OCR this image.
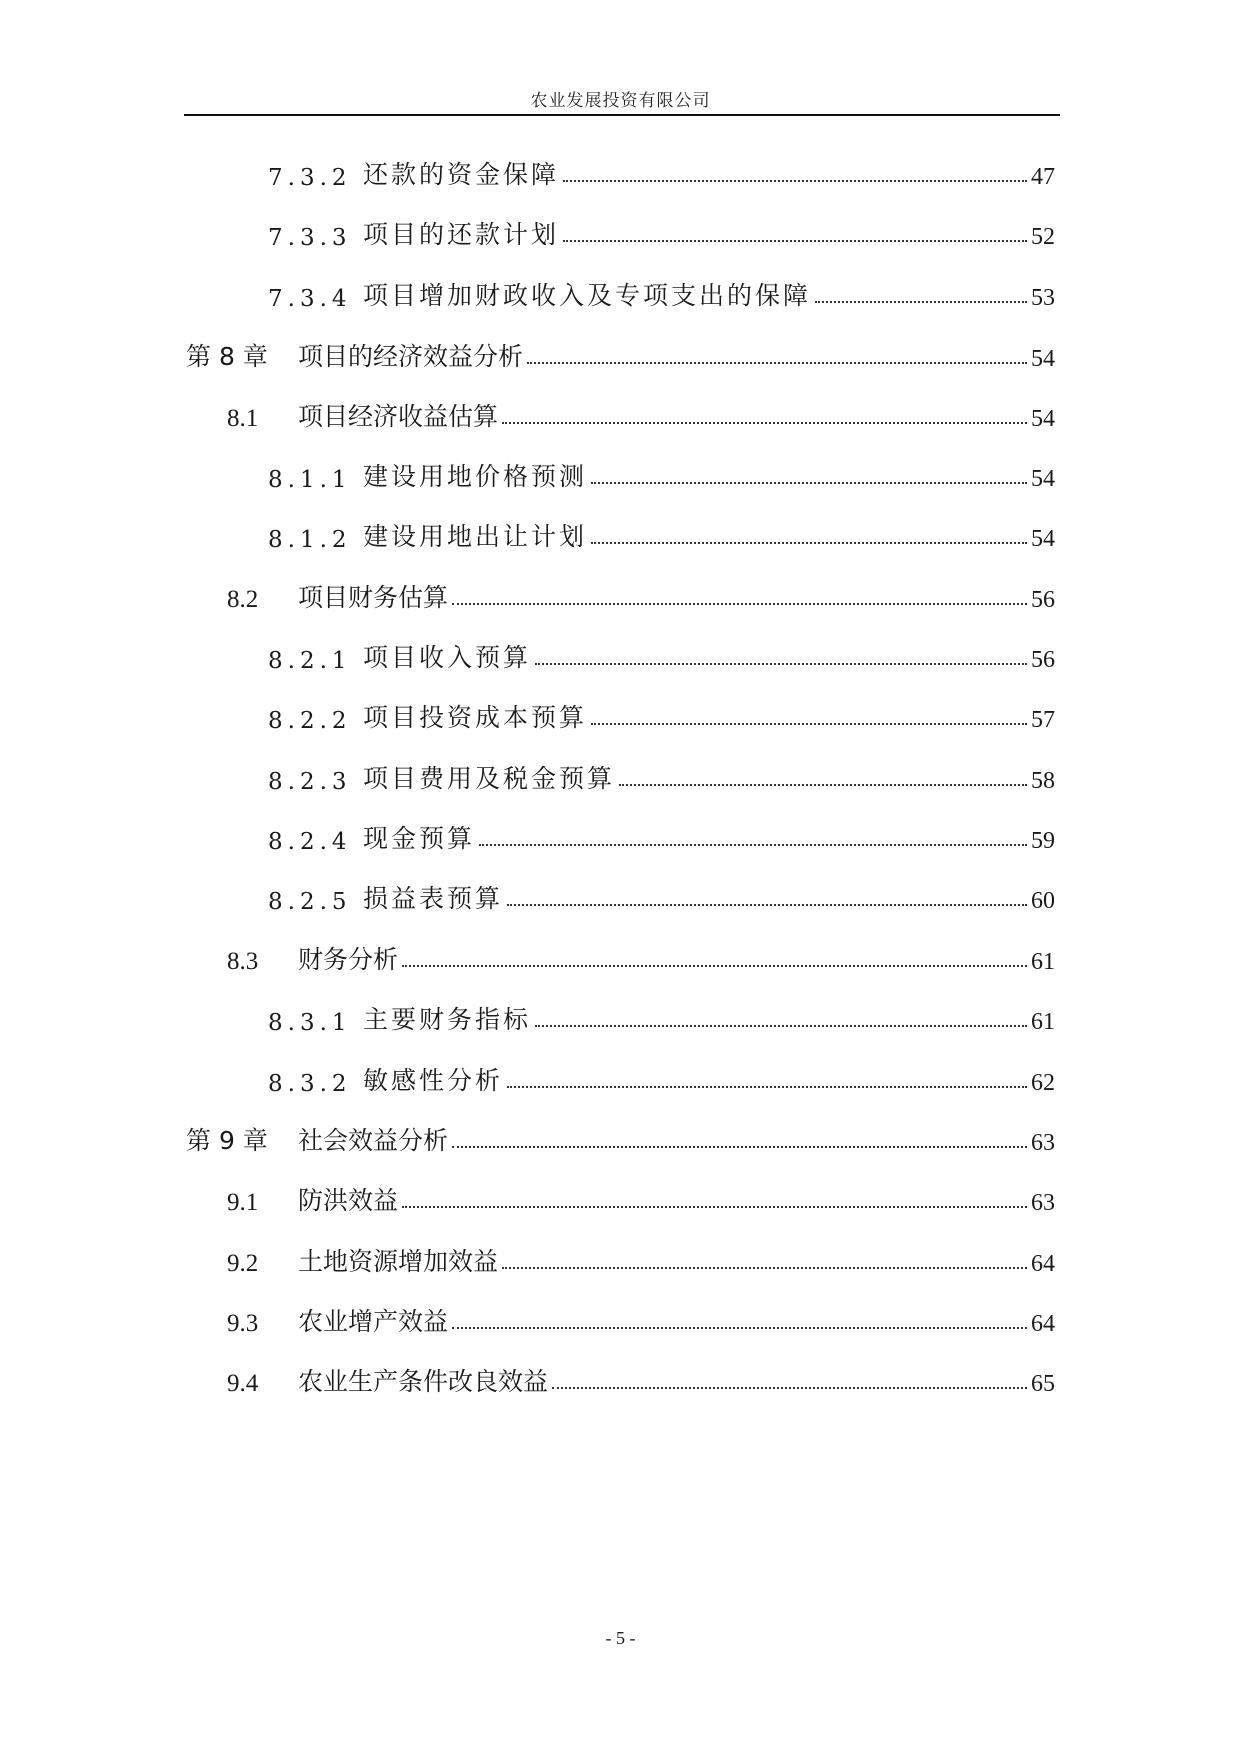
农业发展投资有限公司
7.3.2 还款的资金保障	47
7.3.3 项目的还款计划	52
7.3.4 项目增加财政收入及专项支出的保障	53
第 8 章	项目的经济效益分析	54
8.1	项目经济收益估算	54
8.1.1 建设用地价格预测	54
8.1.2 建设用地出让计划	54
8.2	项目财务估算	56
8.2.1 项目收入预算	56
8.2.2 项目投资成本预算	57
8.2.3 项目费用及税金预算	58
8.2.4 现金预算	59
8.2.5 损益表预算	60
8.3	财务分析	61
8.3.1 主要财务指标	61
8.3.2 敏感性分析	62
第 9 章	社会效益分析	63
9.1	防洪效益	63
9.2	土地资源增加效益	64
9.3	农业增产效益	64
9.4	农业生产条件改良效益	65
- 5 -
